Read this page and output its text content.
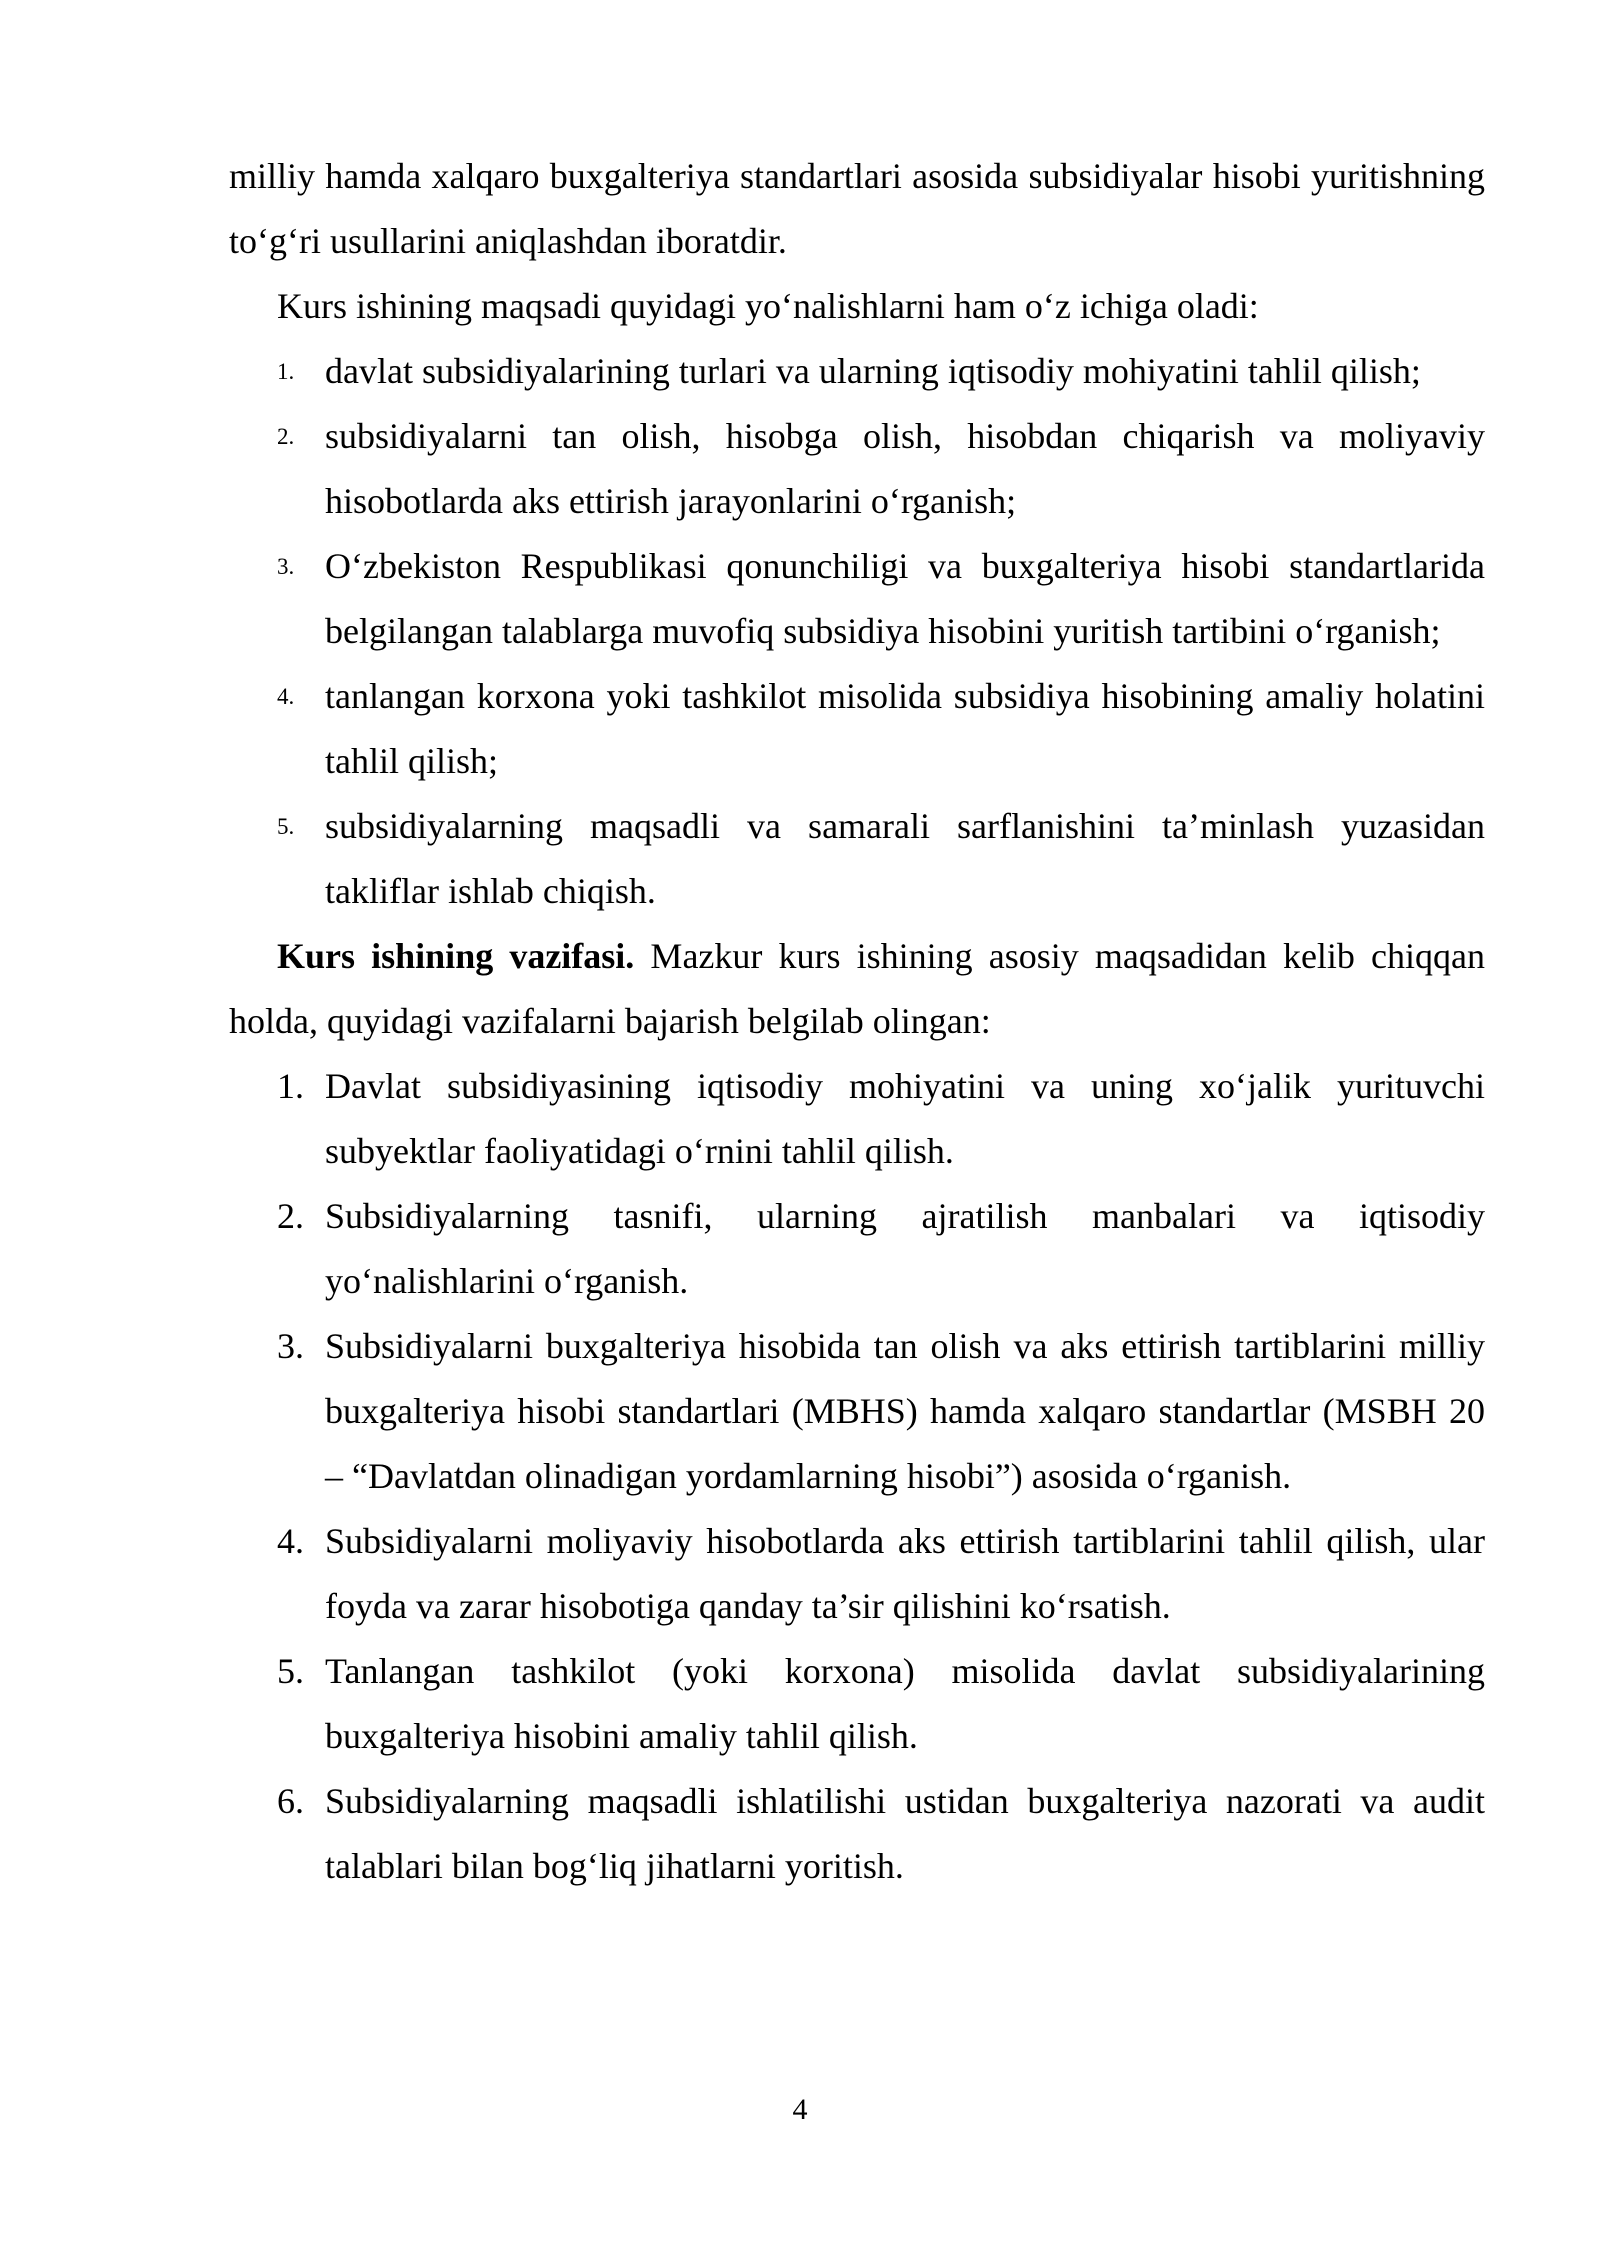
milliy hamda xalqaro buxgalteriya standartlari asosida subsidiyalar hisobi yuritishning to‘g‘ri usullarini aniqlashdan iboratdir.

Kurs ishining maqsadi quyidagi yo‘nalishlarni ham o‘z ichiga oladi:

1. davlat subsidiyalarining turlari va ularning iqtisodiy mohiyatini tahlil qilish;
2. subsidiyalarni tan olish, hisobga olish, hisobdan chiqarish va moliyaviy hisobotlarda aks ettirish jarayonlarini o‘rganish;
3. O‘zbekiston Respublikasi qonunchiligi va buxgalteriya hisobi standartlarida belgilangan talablarga muvofiq subsidiya hisobini yuritish tartibini o‘rganish;
4. tanlangan korxona yoki tashkilot misolida subsidiya hisobining amaliy holatini tahlil qilish;
5. subsidiyalarning maqsadli va samarali sarflanishini ta’minlash yuzasidan takliflar ishlab chiqish.

Kurs ishining vazifasi. Mazkur kurs ishining asosiy maqsadidan kelib chiqqan holda, quyidagi vazifalarni bajarish belgilab olingan:

1. Davlat subsidiyasining iqtisodiy mohiyatini va uning xo‘jalik yurituvchi subyektlar faoliyatidagi o‘rnini tahlil qilish.
2. Subsidiyalarning tasnifi, ularning ajratilish manbalari va iqtisodiy yo‘nalishlarini o‘rganish.
3. Subsidiyalarni buxgalteriya hisobida tan olish va aks ettirish tartiblarini milliy buxgalteriya hisobi standartlari (MBHS) hamda xalqaro standartlar (MSBH 20 – “Davlatdan olinadigan yordamlarning hisobi”) asosida o‘rganish.
4. Subsidiyalarni moliyaviy hisobotlarda aks ettirish tartiblarini tahlil qilish, ular foyda va zarar hisobotiga qanday ta’sir qilishini ko‘rsatish.
5. Tanlangan tashkilot (yoki korxona) misolida davlat subsidiyalarining buxgalteriya hisobini amaliy tahlil qilish.
6. Subsidiyalarning maqsadli ishlatilishi ustidan buxgalteriya nazorati va audit talablari bilan bog‘liq jihatlarni yoritish.
4
